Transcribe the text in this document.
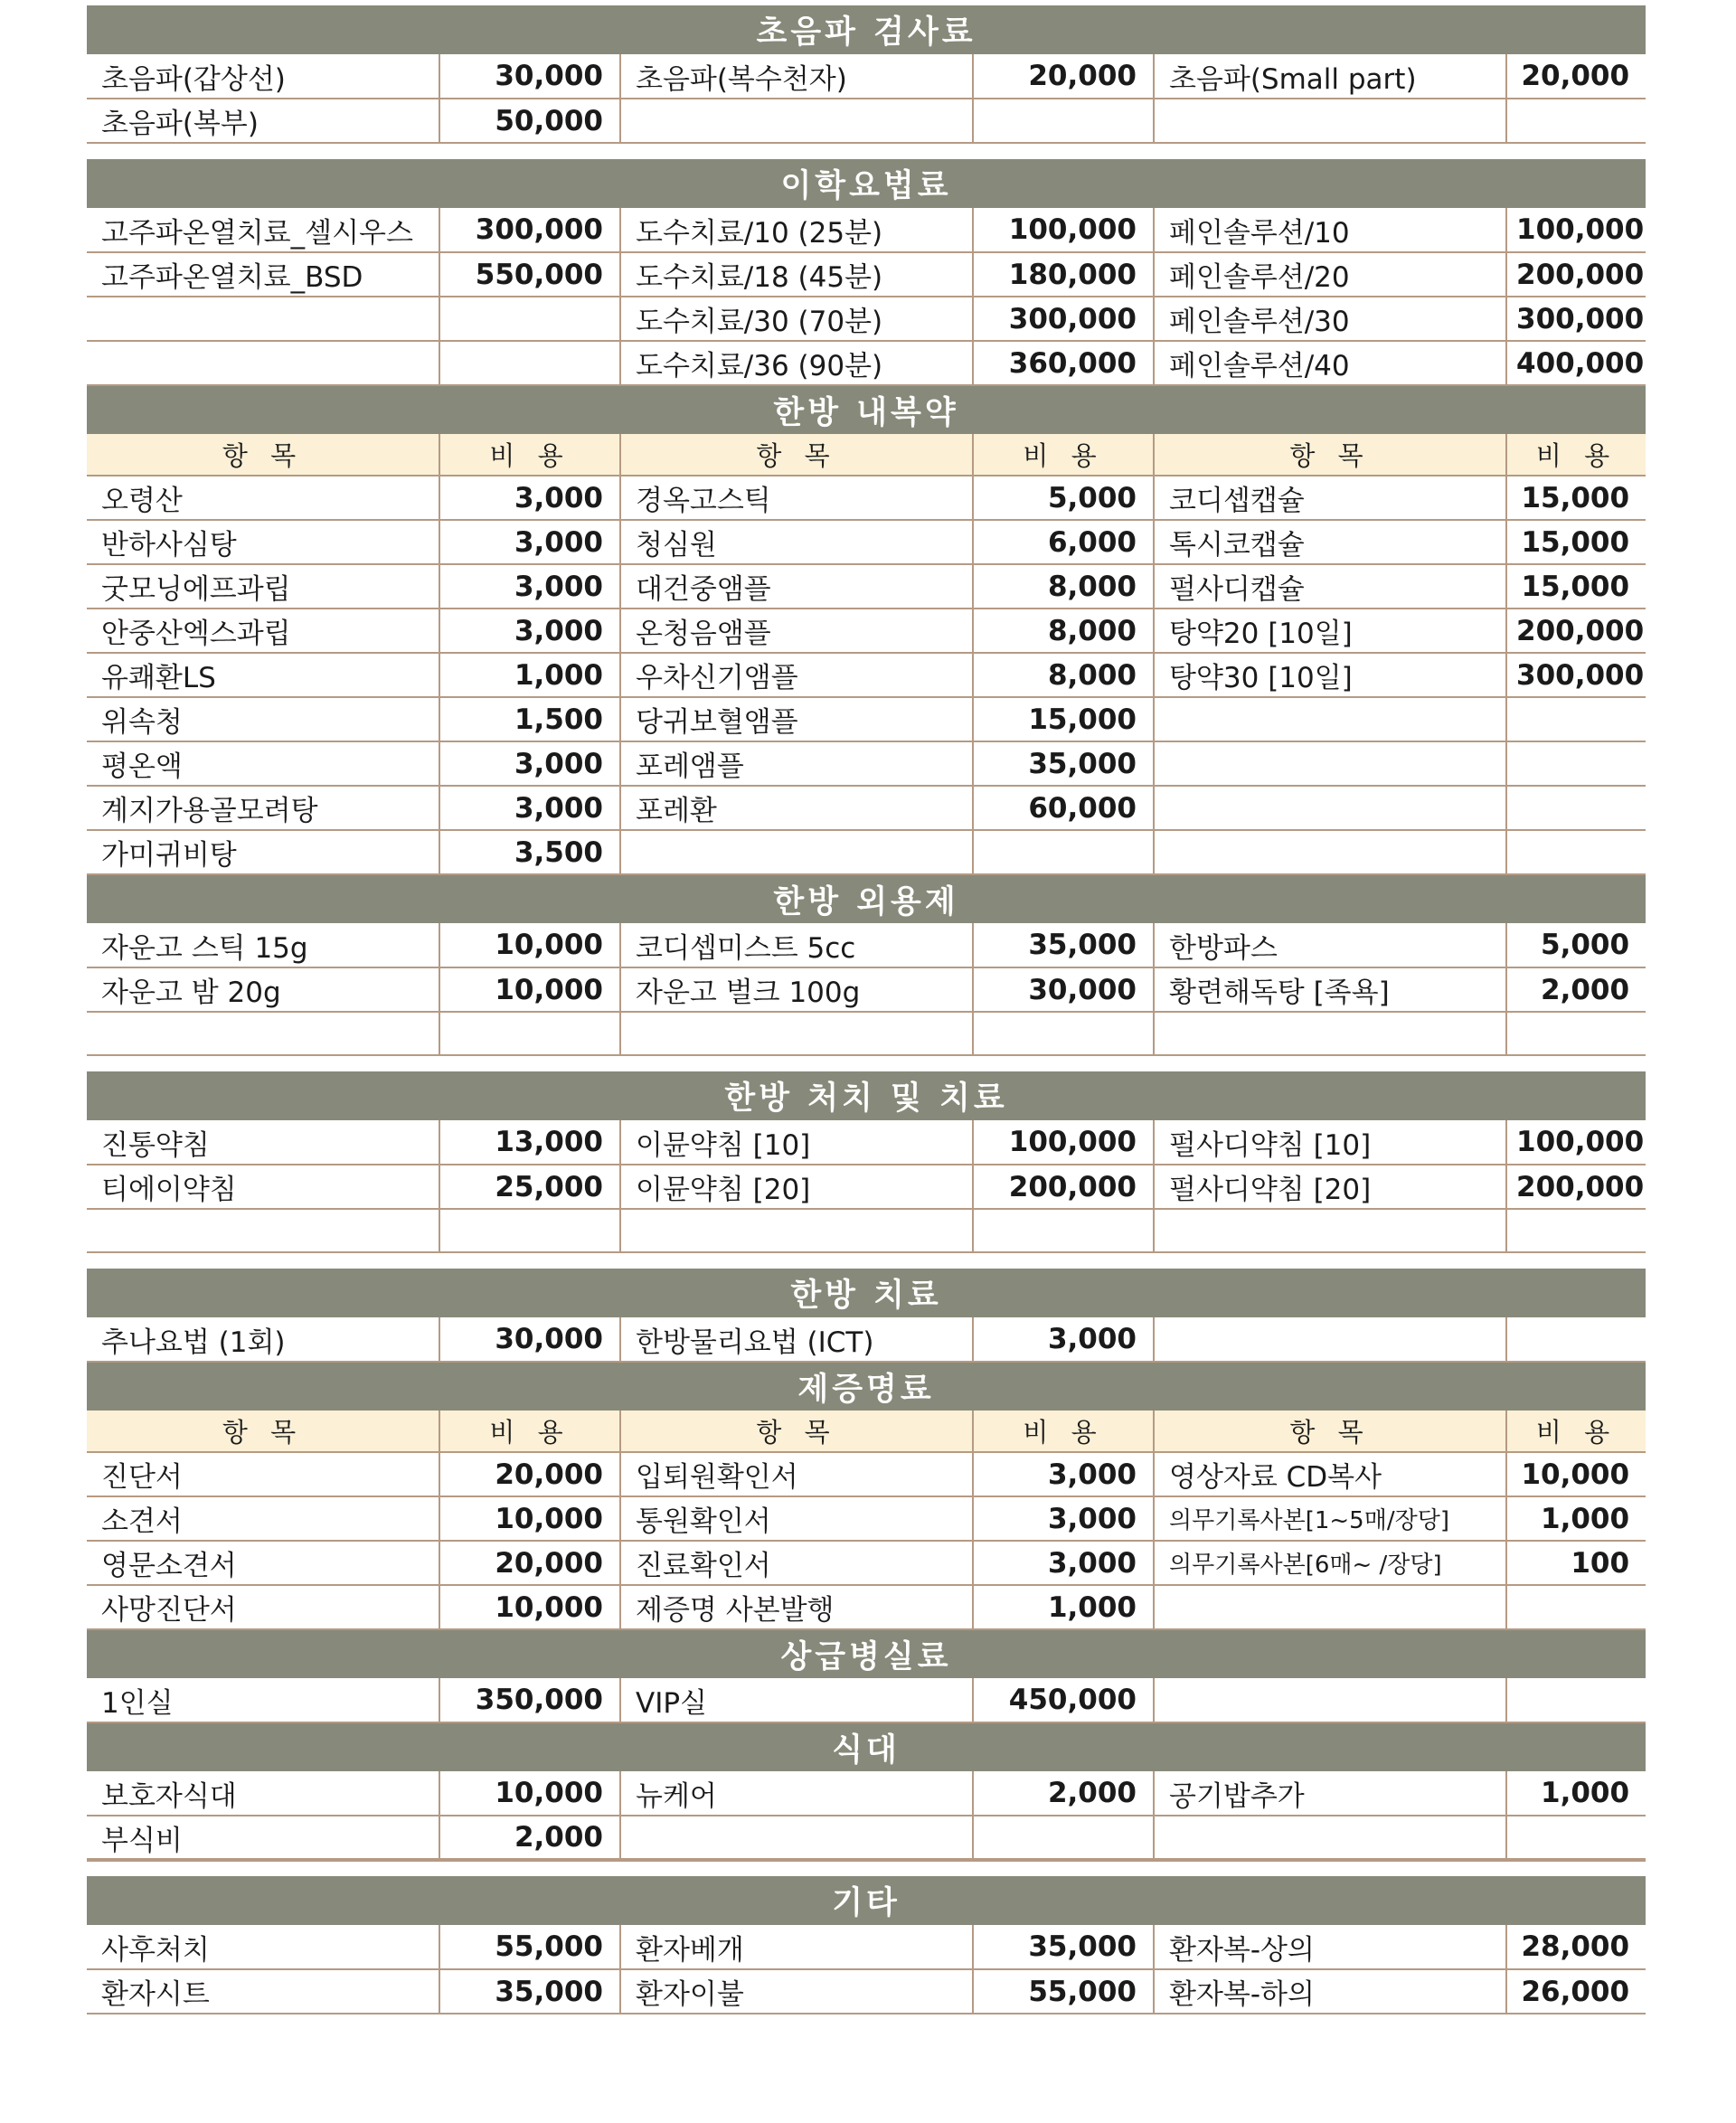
초음파 검사료					
초음파(갑상선)	30,000	초음파(복수천자)	20,000	초음파(Small part)	20,000
초음파(복부)	50,000				

이학요법료					
고주파온열치료_셀시우스	300,000	도수치료/10 (25분)	100,000	페인솔루션/10	100,000
고주파온열치료_BSD	550,000	도수치료/18 (45분)	180,000	페인솔루션/20	200,000
		도수치료/30 (70분)	300,000	페인솔루션/30	300,000
		도수치료/36 (90분)	360,000	페인솔루션/40	400,000
한방 내복약					
항 목	비 용	항 목	비 용	항 목	비 용
오령산	3,000	경옥고스틱	5,000	코디셉캡슐	15,000
반하사심탕	3,000	청심원	6,000	톡시코캡슐	15,000
굿모닝에프과립	3,000	대건중앰플	8,000	펄사디캡슐	15,000
안중산엑스과립	3,000	온청음앰플	8,000	탕약20 [10일]	200,000
유쾌환LS	1,000	우차신기앰플	8,000	탕약30 [10일]	300,000
위속청	1,500	당귀보혈앰플	15,000		
평온액	3,000	포레앰플	35,000		
계지가용골모려탕	3,000	포레환	60,000		
가미귀비탕	3,500				
한방 외용제					
자운고 스틱 15g	10,000	코디셉미스트 5cc	35,000	한방파스	5,000
자운고 밤 20g	10,000	자운고 벌크 100g	30,000	황련해독탕 [족욕]	2,000

한방 처치 및 치료					
진통약침	13,000	이뮨약침 [10]	100,000	펄사디약침 [10]	100,000
티에이약침	25,000	이뮨약침 [20]	200,000	펄사디약침 [20]	200,000

한방 치료					
추나요법 (1회)	30,000	한방물리요법 (ICT)	3,000		
제증명료					
항 목	비 용	항 목	비 용	항 목	비 용
진단서	20,000	입퇴원확인서	3,000	영상자료 CD복사	10,000
소견서	10,000	통원확인서	3,000	의무기록사본[1~5매/장당]	1,000
영문소견서	20,000	진료확인서	3,000	의무기록사본[6매~ /장당]	100
사망진단서	10,000	제증명 사본발행	1,000		
상급병실료					
1인실	350,000	VIP실	450,000		
식대					
보호자식대	10,000	뉴케어	2,000	공기밥추가	1,000
부식비	2,000				

기타					
사후처치	55,000	환자베개	35,000	환자복-상의	28,000
환자시트	35,000	환자이불	55,000	환자복-하의	26,000
